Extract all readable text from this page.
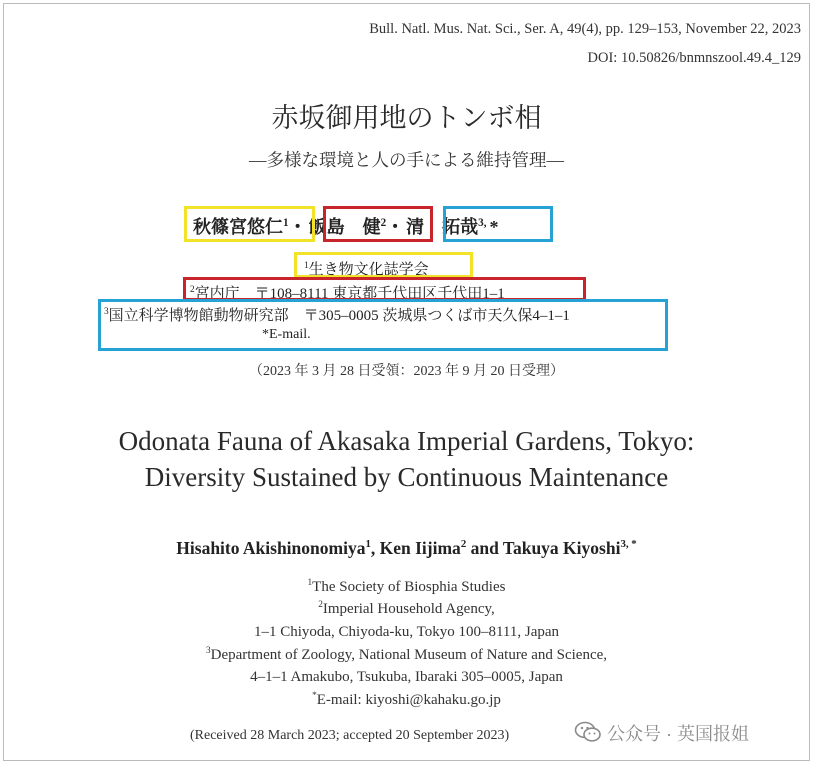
Bull. Natl. Mus. Nat. Sci., Ser. A, 49(4), pp. 129–153, November 22, 2023
DOI: 10.50826/bnmnszool.49.4_129
赤坂御用地のトンボ相
—多様な環境と人の手による維持管理—
秋篠宮悠仁$^1$・ 飯島　健$^2$・ 清　拓哉$^{3,}$ *
$^1$生き物文化誌学会
$^2$宮内庁　〒108–8111 東京都千代田区千代田1–1
$^3$国立科学博物館動物研究部　〒305–0005 茨城県つくば市天久保4–1–1
*E-mail.
（2023 年 3 月 28 日受領：2023 年 9 月 20 日受理）
Odonata Fauna of Akasaka Imperial Gardens, Tokyo:
Diversity Sustained by Continuous Maintenance
Hisahito Akishinonomiya$^1$, Ken Iijima$^2$ and Takuya Kiyoshi$^{3, *}$
$^1$The Society of Biosphia Studies
$^2$Imperial Household Agency,
1–1 Chiyoda, Chiyoda-ku, Tokyo 100–8111, Japan
$^3$Department of Zoology, National Museum of Nature and Science,
4–1–1 Amakubo, Tsukuba, Ibaraki 305–0005, Japan
*E-mail: kiyoshi@kahaku.go.jp
(Received 28 March 2023; accepted 20 September 2023)	公众号 · 英国报姐
